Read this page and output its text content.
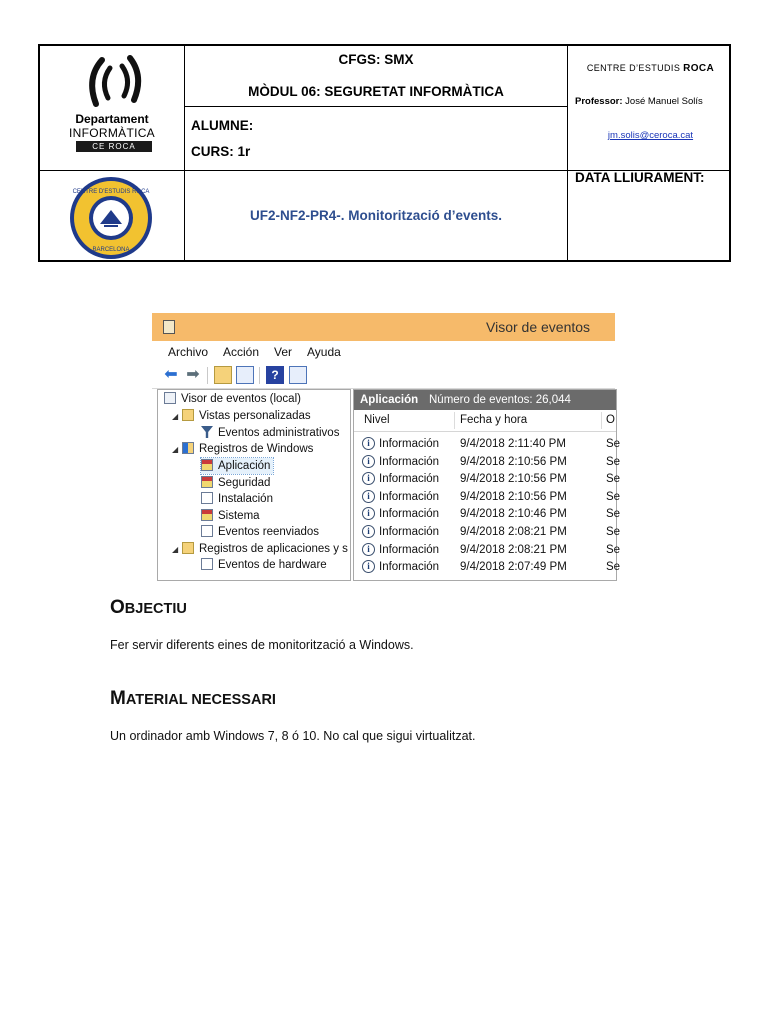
Departament
INFORMÀTICA
CE ROCA
CENTRE D'ESTUDIS ROCA
BARCELONA
CFGS: SMX
MÒDUL 06: SEGURETAT INFORMÀTICA
ALUMNE:
CURS: 1r
UF2-NF2-PR4-. Monitorització d’events.
CENTRE D’ESTUDIS ROCA
Professor: José Manuel Solís
jm.solis@ceroca.cat
DATA LLIURAMENT:
Visor de eventos
Archivo Acción Ver Ayuda
⬅ ➡	?
Visor de eventos (local)
◢ Vistas personalizadas
Eventos administrativos
◢ Registros de Windows
Aplicación
Seguridad
Instalación
Sistema
Eventos reenviados
◢ Registros de aplicaciones y s
Eventos de hardware
Aplicación Número de eventos: 26,044
Nivel	Fecha y hora	O
i Información 9/4/2018 2:11:40 PM	Se
i Información 9/4/2018 2:10:56 PM	Se
i Información 9/4/2018 2:10:56 PM	Se
i Información 9/4/2018 2:10:56 PM	Se
i Información 9/4/2018 2:10:46 PM	Se
i Información 9/4/2018 2:08:21 PM	Se
i Información 9/4/2018 2:08:21 PM	Se
i Información 9/4/2018 2:07:49 PM	Se
OBJECTIU
Fer servir diferents eines de monitorització a Windows.
MATERIAL NECESSARI
Un ordinador amb Windows 7, 8 ó 10. No cal que sigui virtualitzat.
